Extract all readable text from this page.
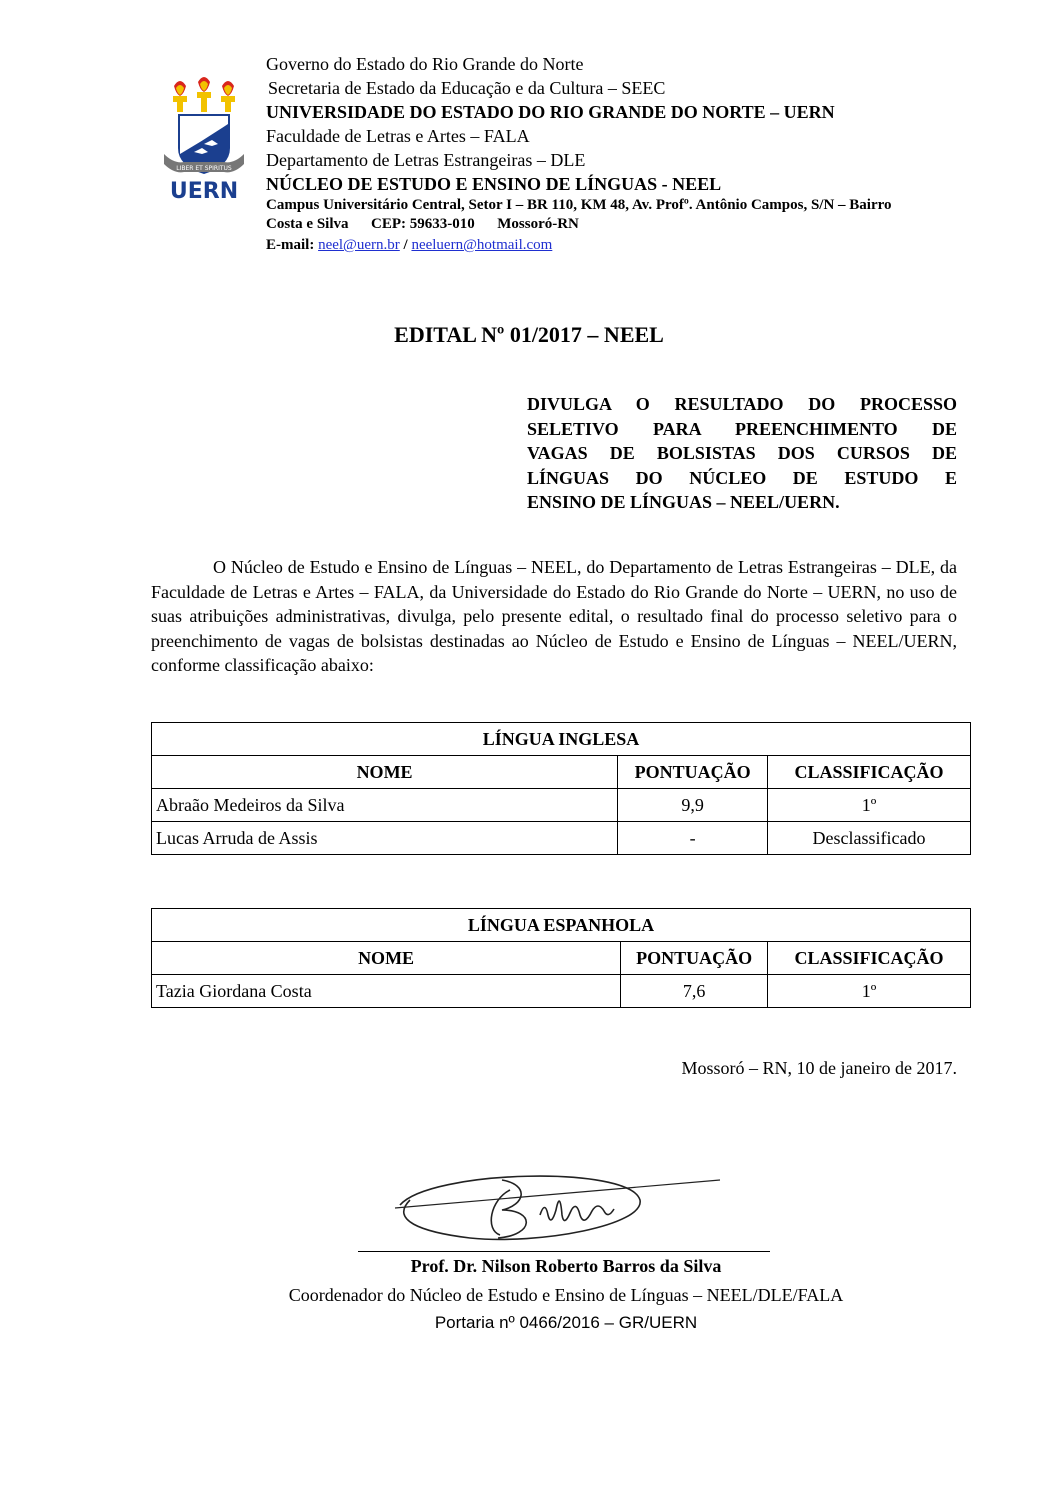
LIBER ET SPIRITUS
UERN
Governo do Estado do Rio Grande do Norte
Secretaria de Estado da Educação e da Cultura – SEEC
UNIVERSIDADE DO ESTADO DO RIO GRANDE DO NORTE – UERN
Faculdade de Letras e Artes – FALA
Departamento de Letras Estrangeiras – DLE
NÚCLEO DE ESTUDO E ENSINO DE LÍNGUAS - NEEL
Campus Universitário Central, Setor I – BR 110, KM 48, Av. Profº. Antônio Campos, S/N – Bairro
Costa e Silva      CEP: 59633-010      Mossoró-RN
E-mail: neel@uern.br / neeluern@hotmail.com
EDITAL Nº 01/2017 – NEEL
DIVULGA O RESULTADO DO PROCESSO
SELETIVO PARA PREENCHIMENTO DE
VAGAS DE BOLSISTAS DOS CURSOS DE
LÍNGUAS DO NÚCLEO DE ESTUDO E
ENSINO DE LÍNGUAS – NEEL/UERN.
O Núcleo de Estudo e Ensino de Línguas – NEEL, do Departamento de Letras Estrangeiras – DLE, da Faculdade de Letras e Artes – FALA, da Universidade do Estado do Rio Grande do Norte – UERN, no uso de suas atribuições administrativas, divulga, pelo presente edital, o resultado final do processo seletivo para o preenchimento de vagas de bolsistas destinadas ao Núcleo de Estudo e Ensino de Línguas – NEEL/UERN, conforme classificação abaixo:
LÍNGUA INGLESA		
NOME	PONTUAÇÃO	CLASSIFICAÇÃO
Abraão Medeiros da Silva	9,9	1º
Lucas Arruda de Assis	-	Desclassificado
LÍNGUA ESPANHOLA		
NOME	PONTUAÇÃO	CLASSIFICAÇÃO
Tazia Giordana Costa	7,6	1º
Mossoró – RN, 10 de janeiro de 2017.
Prof. Dr. Nilson Roberto Barros da Silva
Coordenador do Núcleo de Estudo e Ensino de Línguas – NEEL/DLE/FALA
Portaria nº 0466/2016 – GR/UERN
